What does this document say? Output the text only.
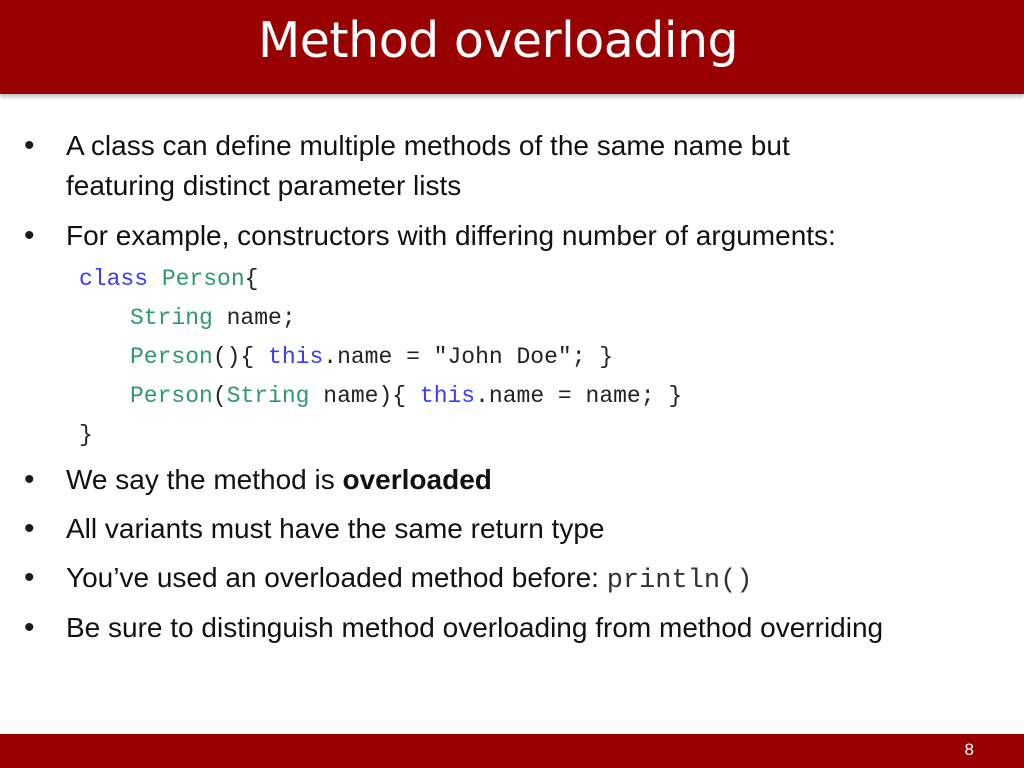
Method overloading
• A class can define multiple methods of the same name but
featuring distinct parameter lists
• For example, constructors with differing number of arguments:
class Person{
String name;
Person(){ this.name = "John Doe"; }
Person(String name){ this.name = name; }
}
• We say the method is overloaded
• All variants must have the same return type
• You’ve used an overloaded method before: println()
• Be sure to distinguish method overloading from method overriding
8
